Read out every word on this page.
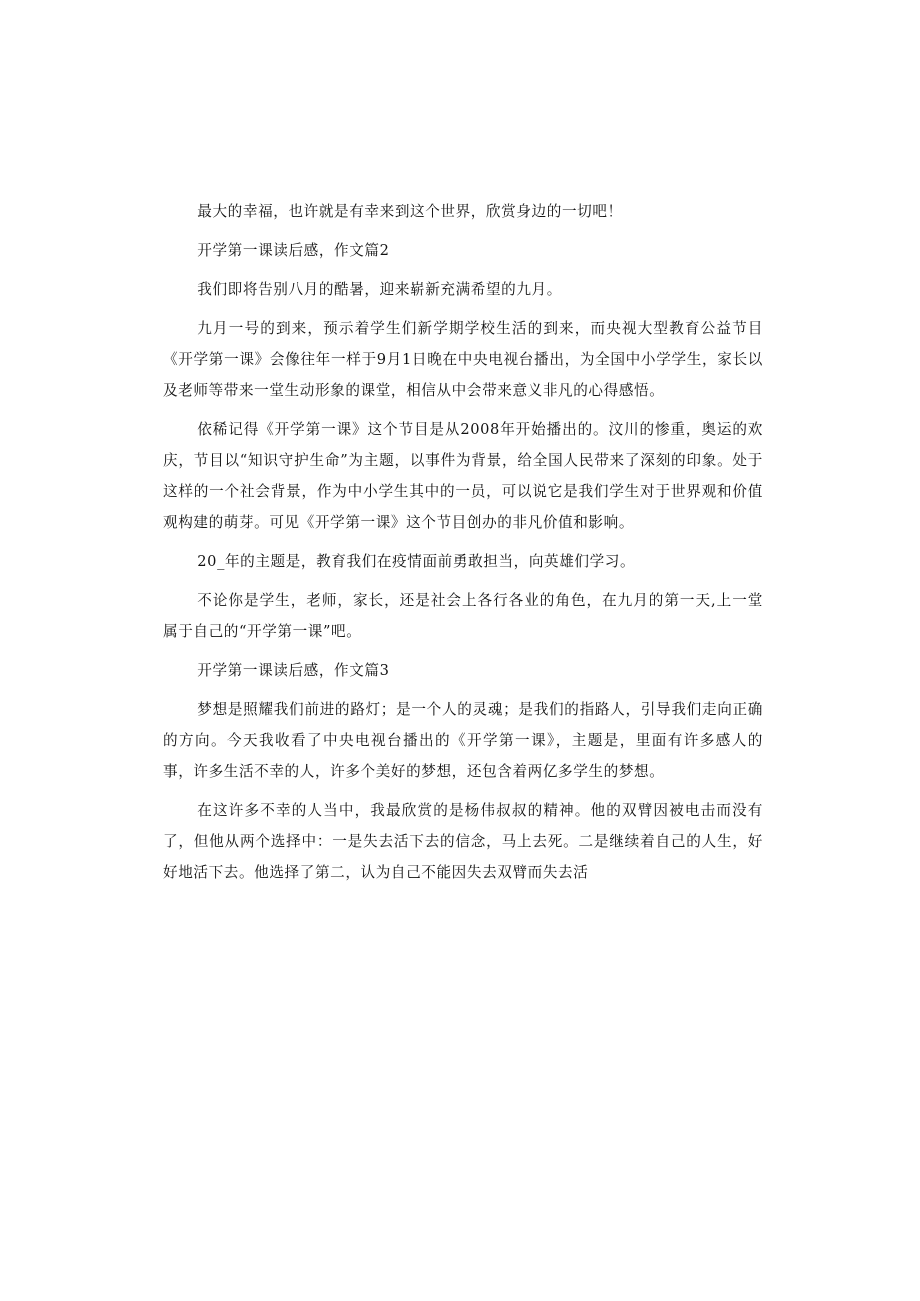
最大的幸福，也许就是有幸来到这个世界，欣赏身边的一切吧！

开学第一课读后感，作文篇2

我们即将告别八月的酷暑，迎来崭新充满希望的九月。

九月一号的到来，预示着学生们新学期学校生活的到来，而央视大型教育公益节目《开学第一课》会像往年一样于9月1日晚在中央电视台播出，为全国中小学学生，家长以及老师等带来一堂生动形象的课堂，相信从中会带来意义非凡的心得感悟。

依稀记得《开学第一课》这个节目是从2008年开始播出的。汶川的惨重，奥运的欢庆，节目以“知识守护生命”为主题，以事件为背景，给全国人民带来了深刻的印象。处于这样的一个社会背景，作为中小学生其中的一员，可以说它是我们学生对于世界观和价值观构建的萌芽。可见《开学第一课》这个节目创办的非凡价值和影响。

20_年的主题是，教育我们在疫情面前勇敢担当，向英雄们学习。

不论你是学生，老师，家长，还是社会上各行各业的角色，在九月的第一天,上一堂属于自己的“开学第一课”吧。

开学第一课读后感，作文篇3

梦想是照耀我们前进的路灯；是一个人的灵魂；是我们的指路人，引导我们走向正确的方向。今天我收看了中央电视台播出的《开学第一课》，主题是，里面有许多感人的事，许多生活不幸的人，许多个美好的梦想，还包含着两亿多学生的梦想。

在这许多不幸的人当中，我最欣赏的是杨伟叔叔的精神。他的双臂因被电击而没有了，但他从两个选择中：一是失去活下去的信念，马上去死。二是继续着自己的人生，好好地活下去。他选择了第二，认为自己不能因失去双臂而失去活
